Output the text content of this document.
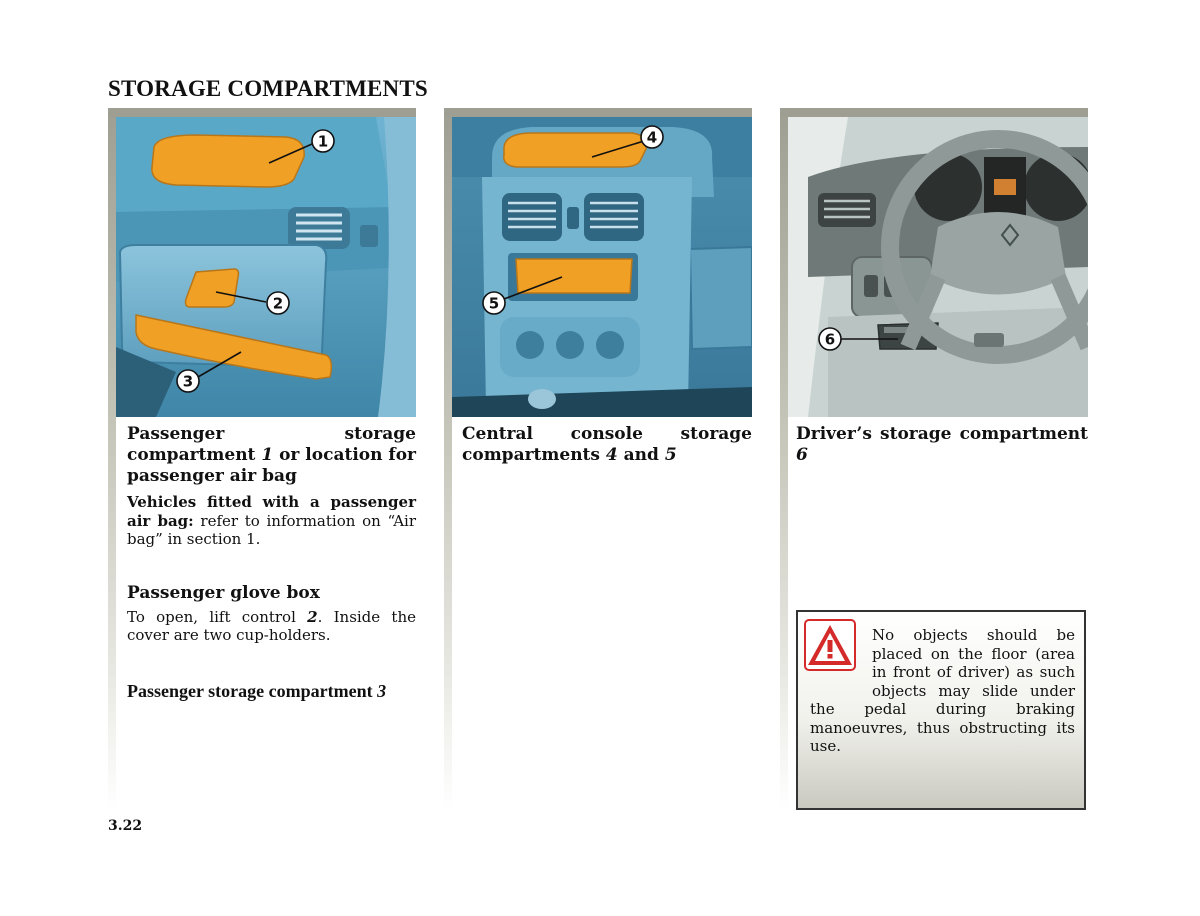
STORAGE COMPARTMENTS
1
2
3
4
5
6
Passenger storage compartment 1 or location for passenger air bag
Vehicles fitted with a passenger air bag: refer to information on “Air bag” in section 1.
Passenger glove box
To open, lift control 2. Inside the cover are two cup-holders.
Passenger storage compartment 3
Central console storage compartments 4 and 5
Driver’s storage compartment 6
No objects should be placed on the floor (area in front of driver) as such objects may slide under the pedal during braking manoeuvres, thus obstructing its use.
3.22
